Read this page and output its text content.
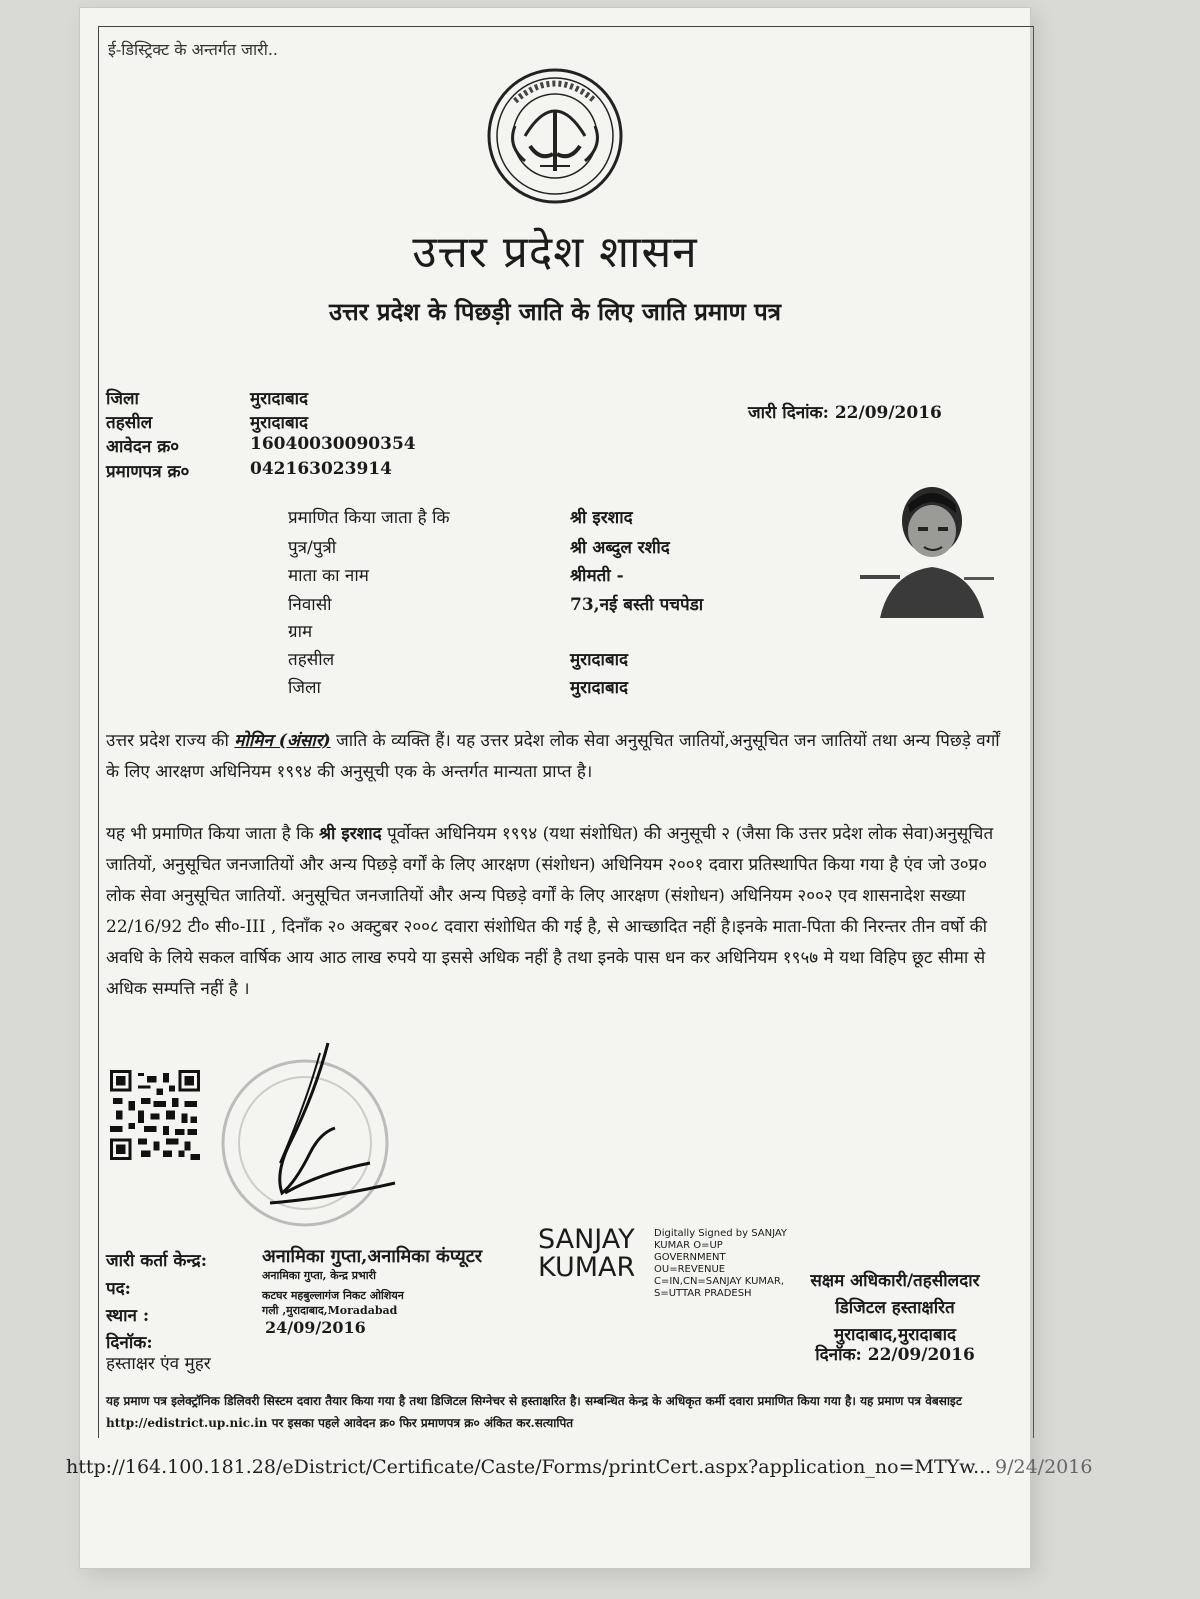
ई-डिस्ट्रिक्ट के अन्तर्गत जारी..
उत्तर प्रदेश शासन
उत्तर प्रदेश के पिछड़ी जाति के लिए जाति प्रमाण पत्र
जिला	मुरादाबाद
तहसील	मुरादाबाद
आवेदन क्र०	16040030090354
प्रमाणपत्र क्र०	042163023914
जारी दिनांक: 22/09/2016
प्रमाणित किया जाता है कि	श्री इरशाद
पुत्र/पुत्री	श्री अब्दुल रशीद
माता का नाम	श्रीमती -
निवासी	73,नई बस्ती पचपेडा
ग्राम
तहसील	मुरादाबाद
जिला	मुरादाबाद
उत्तर प्रदेश राज्य की मोमिन (अंसार) जाति के व्यक्ति हैं। यह उत्तर प्रदेश लोक सेवा अनुसूचित जातियों,अनुसूचित जन जातियों तथा अन्य पिछड़े वर्गों के लिए आरक्षण अधिनियम १९९४ की अनुसूची एक के अन्तर्गत मान्यता प्राप्त है।
यह भी प्रमाणित किया जाता है कि श्री इरशाद पूर्वोक्त अधिनियम १९९४ (यथा संशोधित) की अनुसूची २ (जैसा कि उत्तर प्रदेश लोक सेवा)अनुसूचित जातियों, अनुसूचित जनजातियों और अन्य पिछड़े वर्गों के लिए आरक्षण (संशोधन) अधिनियम २००१ दवारा प्रतिस्थापित किया गया है एंव जो उ०प्र० लोक सेवा अनुसूचित जातियों. अनुसूचित जनजातियों और अन्य पिछड़े वर्गों के लिए आरक्षण (संशोधन) अधिनियम २००२ एव शासनादेश सख्या 22/16/92 टी० सी०-III , दिनाँक २० अक्टुबर २००८ दवारा संशोधित की गई है, से आच्छादित नहीं है।इनके माता-पिता की निरन्तर तीन वर्षो की अवधि के लिये सकल वार्षिक आय आठ लाख रुपये या इससे अधिक नहीं है तथा इनके पास धन कर अधिनियम १९५७ मे यथा विहिप छूट सीमा से अधिक सम्पत्ति नहीं है ।
जारी कर्ता केन्द्र:	अनामिका गुप्ता,अनामिका कंप्यूटर
पद:
अनामिका गुप्ता, केन्द्र प्रभारी
स्थान :
कटघर महबुल्लागंज निकट ओशियन
गली ,मुरादाबाद,Moradabad
दिनॉक:
24/09/2016
हस्ताक्षर एंव मुहर
SANJAY
KUMAR
Digitally Signed by SANJAY KUMAR O=UP GOVERNMENT OU=REVENUE C=IN,CN=SANJAY KUMAR, S=UTTAR PRADESH
सक्षम अधिकारी/तहसीलदार
डिजिटल हस्ताक्षरित
मुरादाबाद,मुरादाबाद
दिनॉक: 22/09/2016
यह प्रमाण पत्र इलेक्ट्रॉनिक डिलिवरी सिस्टम दवारा तैयार किया गया है तथा डिजिटल सिग्नेचर से हस्ताक्षरित है। सम्बन्धित केन्द्र के अधिकृत कर्मी दवारा प्रमाणित किया गया है। यह प्रमाण पत्र वेबसाइट http://edistrict.up.nic.in पर इसका पहले आवेदन क्र० फिर प्रमाणपत्र क्र० अंकित कर.सत्यापित
http://164.100.181.28/eDistrict/Certificate/Caste/Forms/printCert.aspx?application_no=MTYw... 9/24/2016
